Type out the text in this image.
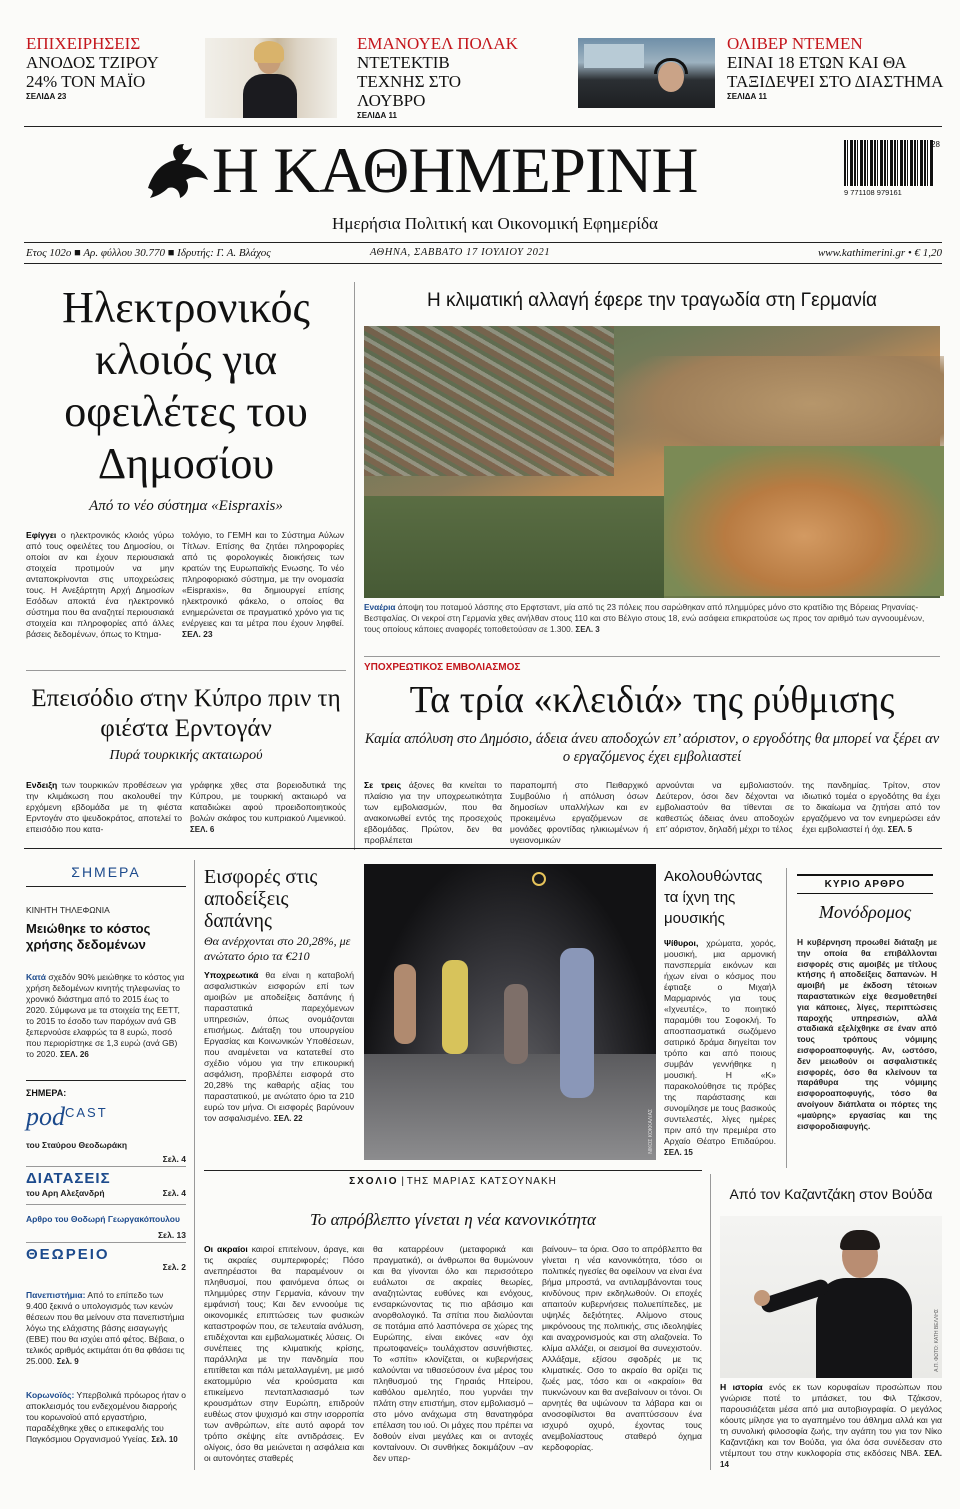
ΕΠΙΧΕΙΡΗΣΕΙΣ
ΑΝΟΔΟΣ ΤΖΙΡΟΥ 24% ΤΟΝ ΜΑΪΟ
ΣΕΛΙΔΑ 23
ΕΜΑΝΟΥΕΛ ΠΟΛΑΚ
ΝΤΕΤΕΚΤΙΒ ΤΕΧΝΗΣ ΣΤΟ ΛΟΥΒΡΟ
ΣΕΛΙΔΑ 11
ΟΛΙΒΕΡ ΝΤΕΜΕΝ
ΕΙΝΑΙ 18 ΕΤΩΝ ΚΑΙ ΘΑ ΤΑΞΙΔΕΨΕΙ ΣΤΟ ΔΙΑΣΤΗΜΑ
ΣΕΛΙΔΑ 11
Η ΚΑΘΗΜΕΡΙΝΗ
Ημερήσια Πολιτική και Οικονομική Εφημερίδα
9 771108 979161
28
Ετος 102ο ■ Αρ. φύλλου 30.770 ■ Ιδρυτής: Γ. Α. Βλάχος	ΑΘΗΝΑ, ΣΑΒΒΑΤΟ 17 ΙΟΥΛΙΟΥ 2021	www.kathimerini.gr • € 1,20
Ηλεκτρονικός κλοιός για οφειλέτες του Δημοσίου
Από το νέο σύστημα «Eispraxis»
Εφίγγει ο ηλεκτρονικός κλοιός γύρω από τους οφειλέτες του Δημοσίου, οι οποίοι αν και έχουν περιουσιακά στοιχεία προτιμούν να μην ανταποκρίνονται στις υποχρεώσεις τους. Η Ανεξάρτητη Αρχή Δημοσίων Εσόδων αποκτά ένα ηλεκτρονικό σύστημα που θα αναζητεί περιουσιακά στοιχεία και πληροφορίες από άλλες βάσεις δεδομένων, όπως το Κτημα-
τολόγιο, το ΓΕΜΗ και το Σύστημα Αύλων Τίτλων. Επίσης θα ζητάει πληροφορίες από τις φορολογικές διοικήσεις των κρατών της Ευρωπαϊκής Ενωσης. Το νέο πληροφοριακό σύστημα, με την ονομασία «Eispraxis», θα δημιουργεί επίσης ηλεκτρονικό φάκελο, ο οποίος θα ενημερώνεται σε πραγματικό χρόνο για τις ενέργειες και τα μέτρα που έχουν ληφθεί. ΣΕΛ. 23
Η κλιματική αλλαγή έφερε την τραγωδία στη Γερμανία
Εναέρια άποψη του ποταμού λάσπης στο Ερφτσταντ, μία από τις 23 πόλεις που σαρώθηκαν από πλημμύρες μόνο στο κρατίδιο της Βόρειας Ρηνανίας-Βεστφαλίας. Οι νεκροί στη Γερμανία χθες ανήλθαν στους 110 και στο Βέλγιο στους 18, ενώ ασάφεια επικρατούσε ως προς τον αριθμό των αγνοουμένων, τους οποίους κάποιες αναφορές τοποθετούσαν σε 1.300. ΣΕΛ. 3
Επεισόδιο στην Κύπρο πριν τη φιέστα Ερντογάν
Πυρά τουρκικής ακταιωρού
Ενδειξη των τουρκικών προθέσεων για την κλιμάκωση που ακολουθεί την ερχόμενη εβδομάδα με τη φιέστα Ερντογάν στο ψευδοκράτος, αποτελεί το επεισόδιο που κατα-
γράφηκε χθες στα βορειοδυτικά της Κύπρου, με τουρκική ακταιωρό να καταδιώκει αφού προειδοποιητικούς βολών σκάφος του κυπριακού Λιμενικού. ΣΕΛ. 6
ΥΠΟΧΡΕΩΤΙΚΟΣ ΕΜΒΟΛΙΑΣΜΟΣ
Τα τρία «κλειδιά» της ρύθμισης
Καμία απόλυση στο Δημόσιο, άδεια άνευ αποδοχών επ’ αόριστον, ο εργοδότης θα μπορεί να ξέρει αν ο εργαζόμενος έχει εμβολιαστεί
Σε τρεις άξονες θα κινείται το πλαίσιο για την υποχρεωτικότητα των εμβολιασμών, που θα ανακοινωθεί εντός της προσεχούς εβδομάδας. Πρώτον, δεν θα προβλέπεται
παραπομπή στο Πειθαρχικό Συμβούλιο ή απόλυση όσων δημοσίων υπαλλήλων και εν προκειμένω εργαζόμενων σε μονάδες φροντίδας ηλικιωμένων ή υγειονομικών
αρνούνται να εμβολιαστούν. Δεύτερον, όσοι δεν δέχονται να εμβολιαστούν θα τίθενται σε καθεστώς άδειας άνευ αποδοχών επ’ αόριστον, δηλαδή μέχρι το τέλος
της πανδημίας. Τρίτον, στον ιδιωτικό τομέα ο εργοδότης θα έχει το δικαίωμα να ζητήσει από τον εργαζόμενο να τον ενημερώσει εάν έχει εμβολιαστεί ή όχι. ΣΕΛ. 5
ΣΗΜΕΡΑ
ΚΙΝΗΤΗ ΤΗΛΕΦΩΝΙΑ
Μειώθηκε το κόστος χρήσης δεδομένων
Κατά σχεδόν 90% μειώθηκε το κόστος για χρήση δεδομένων κινητής τηλεφωνίας το χρονικό διάστημα από το 2015 έως το 2020. Σύμφωνα με τα στοιχεία της ΕΕΤΤ, το 2015 το έσοδο των παρόχων ανά GB ξεπερνούσε ελαφρώς τα 8 ευρώ, ποσό που περιορίστηκε σε 1,3 ευρώ (ανά GB) το 2020. ΣΕΛ. 26
ΣΗΜΕΡΑ:
pod$^{CAST}$
του Σταύρου Θεοδωράκη
Σελ. 4
ΔΙΑΤΑΣΕΙΣ
του Αρη Αλεξανδρή	Σελ. 4
Αρθρο του Θοδωρή Γεωργακόπουλου
Σελ. 13
ΘΕΩΡΕΙΟ
Σελ. 2
Πανεπιστήμια: Από το επίπεδο των 9.400 ξεκινά ο υπολογισμός των κενών θέσεων που θα μείνουν στα πανεπιστήμια λόγω της ελάχιστης βάσης εισαγωγής (ΕΒΕ) που θα ισχύει από φέτος. Βέβαια, ο τελικός αριθμός εκτιμάται ότι θα φθάσει τις 25.000. Σελ. 9
Κορωνοϊός: Υπερβολικά πρόωρος ήταν ο αποκλεισμός του ενδεχομένου διαρροής του κορωνοϊού από εργαστήριο, παραδέχθηκε χθες ο επικεφαλής του Παγκόσμιου Οργανισμού Υγείας. Σελ. 10
Εισφορές στις αποδείξεις δαπάνης
Θα ανέρχονται στο 20,28%, με ανώτατο όριο τα €210
Υποχρεωτικά θα είναι η καταβολή ασφαλιστικών εισφορών επί των αμοιβών με αποδείξεις δαπάνης ή παραστατικά παρεχόμενων υπηρεσιών, όπως ονομάζονται επισήμως. Διάταξη του υπουργείου Εργασίας και Κοινωνικών Υποθέσεων, που αναμένεται να κατατεθεί στο σχέδιο νόμου για την επικουρική ασφάλιση, προβλέπει εισφορά στο 20,28% της καθαρής αξίας του παραστατικού, με ανώτατο όριο τα 210 ευρώ τον μήνα. Οι εισφορές βαρύνουν τον ασφαλισμένο. ΣΕΛ. 22	ΝΙΚΟΣ ΚΟΚΚΑΛΙΑΣ
Ακολουθώντας τα ίχνη της μουσικής
Ψίθυροι, χρώματα, χορός, μουσική, μια αρμονική πανσπερμία εικόνων και ήχων είναι ο κόσμος που έφτιαξε ο Μιχαήλ Μαρμαρινός για τους «Ιχνευτές», το ποιητικό παραμύθι του Σοφοκλή. Το αποσπασματικά σωζόμενο σατιρικό δράμα διηγείται τον τρόπο και από ποιους συμβάν γεννήθηκε η μουσική. Η «Κ» παρακολούθησε τις πρόβες της παράστασης και συνομίλησε με τους βασικούς συντελεστές, λίγες ημέρες πριν από την πρεμιέρα στο Αρχαίο Θέατρο Επιδαύρου. ΣΕΛ. 15
ΚΥΡΙΟ ΑΡΘΡΟ
Μονόδρομος
Η κυβέρνηση προωθεί διάταξη με την οποία θα επιβάλλονται εισφορές στις αμοιβές με τίτλους κτήσης ή αποδείξεις δαπανών. Η αμοιβή με έκδοση τέτοιων παραστατικών είχε θεσμοθετηθεί για κάποιες, λίγες, περιπτώσεις παροχής υπηρεσιών, αλλά σταδιακά εξελίχθηκε σε έναν από τους τρόπους νόμιμης εισφοροαποφυγής. Αν, ωστόσο, δεν μειωθούν οι ασφαλιστικές εισφορές, όσο θα κλείνουν τα παράθυρα της νόμιμης εισφοροαποφυγής, τόσο θα ανοίγουν διάπλατα οι πόρτες της «μαύρης» εργασίας και της εισφοροδιαφυγής.
ΣΧΟΛΙΟ | ΤΗΣ ΜΑΡΙΑΣ ΚΑΤΣΟΥΝΑΚΗ
Το απρόβλεπτο γίνεται η νέα κανονικότητα
Οι ακραίοι καιροί επιτείνουν, άραγε, και τις ακραίες συμπεριφορές; Πόσο ανεπηρέαστοι θα παραμένουν οι πληθυσμοί, που φαινόμενα όπως οι πλημμύρες στην Γερμανία, κάνουν την εμφάνισή τους; Και δεν εννοούμε τις οικονομικές επιπτώσεις των φυσικών καταστροφών που, σε τελευταία ανάλυση, επιδέχονται και εμβαλωματικές λύσεις. Οι συνέπειες της κλιματικής κρίσης, παράλληλα με την πανδημία που επιτίθεται και πάλι μεταλλαγμένη, με μισό εκατομμύριο νέα κρούσματα και επικείμενο πενταπλασιασμό των κρουσμάτων στην Ευρώπη, επιδρούν ευθέως στον ψυχισμό και στην ισορροπία των ανθρώπων, είτε αυτό αφορά τον τρόπο σκέψης είτε αντιδράσεις. Εν ολίγοις, όσο θα μειώνεται η ασφάλεια και οι αυτονόητες σταθερές
θα καταρρέουν (μεταφορικά και πραγματικά), οι άνθρωποι θα θυμώνουν και θα γίνονται όλο και περισσότερο ευάλωτοι σε ακραίες θεωρίες, αναζητώντας ευθύνες και ενόχους, ενσαρκώνοντας τις πιο αβάσιμο και ανορθολογικό. Τα σπίτια που διαλύονται σε ποτάμια από λασπόνερα σε χώρες της Ευρώπης, είναι εικόνες «αν όχι πρωτοφανείς» τουλάχιστον ασυνήθιστες. Το «σπίτι» κλονίζεται, οι κυβερνήσεις καλούνται να τιθασεύσουν ένα μέρος του πληθυσμού της Γηραιάς Ηπείρου, καθόλου αμελητέο, που γυρνάει την πλάτη στην επιστήμη, στον εμβολιασμό – στο μόνο ανάχωμα στη θανατηφόρα επέλαση του ιού. Οι μάχες που πρέπει να δοθούν είναι μεγάλες και οι αντοχές κονταίνουν. Οι συνθήκες δοκιμάζουν –αν δεν υπερ-
βαίνουν– τα όρια. Οσο το απρόβλεπτο θα γίνεται η νέα κανονικότητα, τόσο οι πολιτικές ηγεσίες θα οφείλουν να είναι ένα βήμα μπροστά, να αντιλαμβάνονται τους κινδύνους πριν εκδηλωθούν. Οι εποχές απαιτούν κυβερνήσεις πολυεπίπεδες, με υψηλές δεξιότητες. Αλίμονο στους μικρόνοους της πολιτικής, στις ιδεοληψίες και αναχρονισμούς και στη αλαζονεία. Το κλίμα αλλάζει, οι σεισμοί θα συνεχιστούν. Αλλάξαμε, εξίσου σφοδρές με τις κλιματικές. Οσο το ακραίο θα ορίζει τις ζωές μας, τόσο και οι «ακραίοι» θα πυκνώνουν και θα ανεβαίνουν οι τόνοι. Οι αρνητές θα υψώνουν τα λάβαρα και οι ανοσοφίλιστοι θα αναπτύσσουν ένα ισχυρό οχυρό, έχοντας τους ανεμβολίαστους σταθερό όχημα κερδοφορίας.
Από τον Καζαντζάκη στον Βούδα
Α.Π. ΦΩΤΟ: ΚΑΤΗ ΒΕΛΛΗΣ
Η ιστορία ενός εκ των κορυφαίων προσώπων που γνώρισε ποτέ το μπάσκετ, του Φιλ Τζάκσον, παρουσιάζεται μέσα από μια αυτοβιογραφία. Ο μεγάλος κόουτς μίλησε για το αγαπημένο του άθλημα αλλά και για τη συνολική φιλοσοφία ζωής, την αγάπη του για τον Νίκο Καζαντζάκη και τον Βούδα, για όλα όσα συνέδεσαν στο ντέμπουτ του στην κυκλοφορία στις εκδόσεις ΝΒΑ. ΣΕΛ. 14
